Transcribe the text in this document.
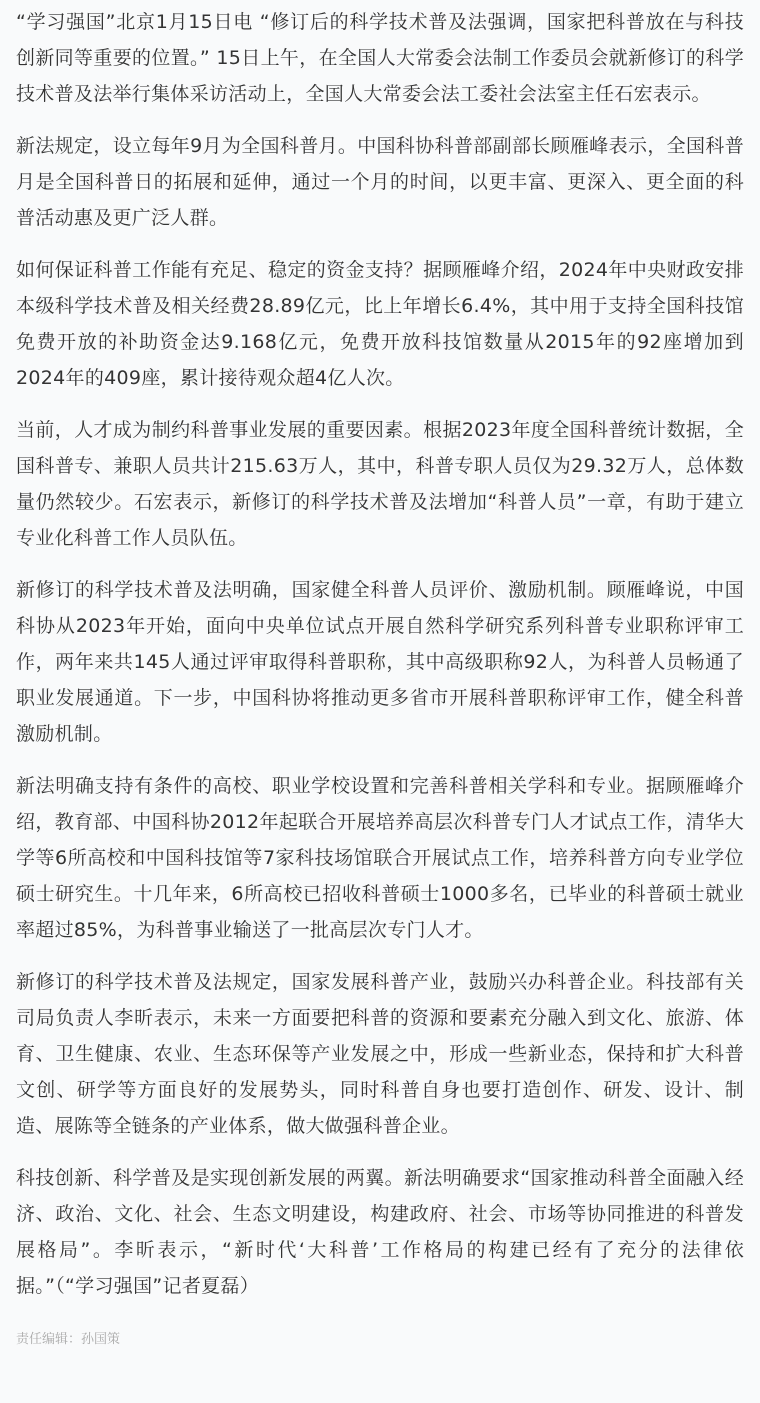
“学习强国”北京1月15日电 “修订后的科学技术普及法强调，国家把科普放在与科技创新同等重要的位置。” 15日上午，在全国人大常委会法制工作委员会就新修订的科学技术普及法举行集体采访活动上，全国人大常委会法工委社会法室主任石宏表示。

新法规定，设立每年9月为全国科普月。中国科协科普部副部长顾雁峰表示，全国科普月是全国科普日的拓展和延伸，通过一个月的时间，以更丰富、更深入、更全面的科普活动惠及更广泛人群。

如何保证科普工作能有充足、稳定的资金支持？据顾雁峰介绍，2024年中央财政安排本级科学技术普及相关经费28.89亿元，比上年增长6.4%，其中用于支持全国科技馆免费开放的补助资金达9.168亿元，免费开放科技馆数量从2015年的92座增加到2024年的409座，累计接待观众超4亿人次。

当前，人才成为制约科普事业发展的重要因素。根据2023年度全国科普统计数据，全国科普专、兼职人员共计215.63万人，其中，科普专职人员仅为29.32万人，总体数量仍然较少。石宏表示，新修订的科学技术普及法增加“科普人员”一章，有助于建立专业化科普工作人员队伍。

新修订的科学技术普及法明确，国家健全科普人员评价、激励机制。顾雁峰说，中国科协从2023年开始，面向中央单位试点开展自然科学研究系列科普专业职称评审工作，两年来共145人通过评审取得科普职称，其中高级职称92人，为科普人员畅通了职业发展通道。下一步，中国科协将推动更多省市开展科普职称评审工作，健全科普激励机制。

新法明确支持有条件的高校、职业学校设置和完善科普相关学科和专业。据顾雁峰介绍，教育部、中国科协2012年起联合开展培养高层次科普专门人才试点工作，清华大学等6所高校和中国科技馆等7家科技场馆联合开展试点工作，培养科普方向专业学位硕士研究生。十几年来，6所高校已招收科普硕士1000多名，已毕业的科普硕士就业率超过85%，为科普事业输送了一批高层次专门人才。

新修订的科学技术普及法规定，国家发展科普产业，鼓励兴办科普企业。科技部有关司局负责人李昕表示，未来一方面要把科普的资源和要素充分融入到文化、旅游、体育、卫生健康、农业、生态环保等产业发展之中，形成一些新业态，保持和扩大科普文创、研学等方面良好的发展势头，同时科普自身也要打造创作、研发、设计、制造、展陈等全链条的产业体系，做大做强科普企业。

科技创新、科学普及是实现创新发展的两翼。新法明确要求“国家推动科普全面融入经济、政治、文化、社会、生态文明建设，构建政府、社会、市场等协同推进的科普发展格局”。李昕表示，“新时代‘大科普’工作格局的构建已经有了充分的法律依据。”（“学习强国”记者夏磊）

责任编辑：孙国策
